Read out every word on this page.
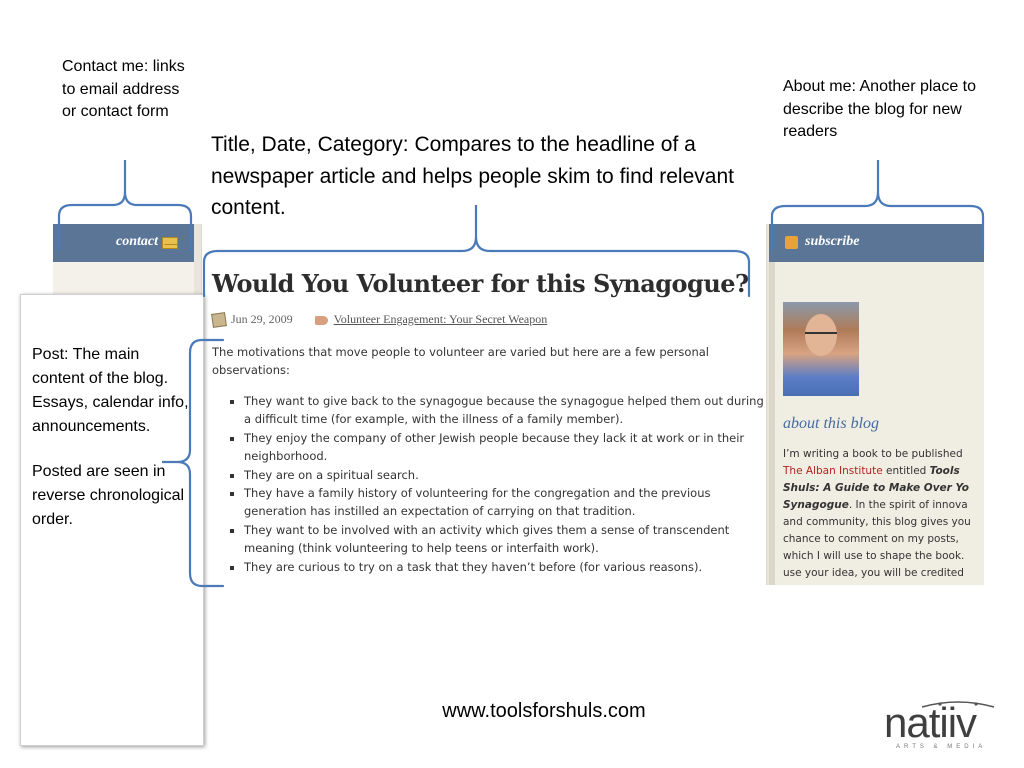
Contact me: links to email address or contact form
About me: Another place to describe the blog for new readers
Title, Date, Category: Compares to the headline of a newspaper article and helps people skim to find relevant content.
contact
Would You Volunteer for this Synagogue?
Jun 29, 2009	Volunteer Engagement: Your Secret Weapon

The motivations that move people to volunteer are varied but here are a few personal observations:

▪ They want to give back to the synagogue because the synagogue helped them out during a difficult time (for example, with the illness of a family member).
▪ They enjoy the company of other Jewish people because they lack it at work or in their neighborhood.
▪ They are on a spiritual search.
▪ They have a family history of volunteering for the congregation and the previous generation has instilled an expectation of carrying on that tradition.
▪ They want to be involved with an activity which gives them a sense of transcendent meaning (think volunteering to help teens or interfaith work).
▪ They are curious to try on a task that they haven’t before (for various reasons).
subscribe
about this blog
I’m writing a book to be published
The Alban Institute entitled Tools
Shuls: A Guide to Make Over Yo
Synagogue. In the spirit of innova
and community, this blog gives you
chance to comment on my posts,
which I will use to shape the book.
use your idea, you will be credited

Post: The main content of the blog. Essays, calendar info, announcements.

Posted are seen in reverse chronological order.

www.toolsforshuls.com	natiiv
ARTS & MEDIA
